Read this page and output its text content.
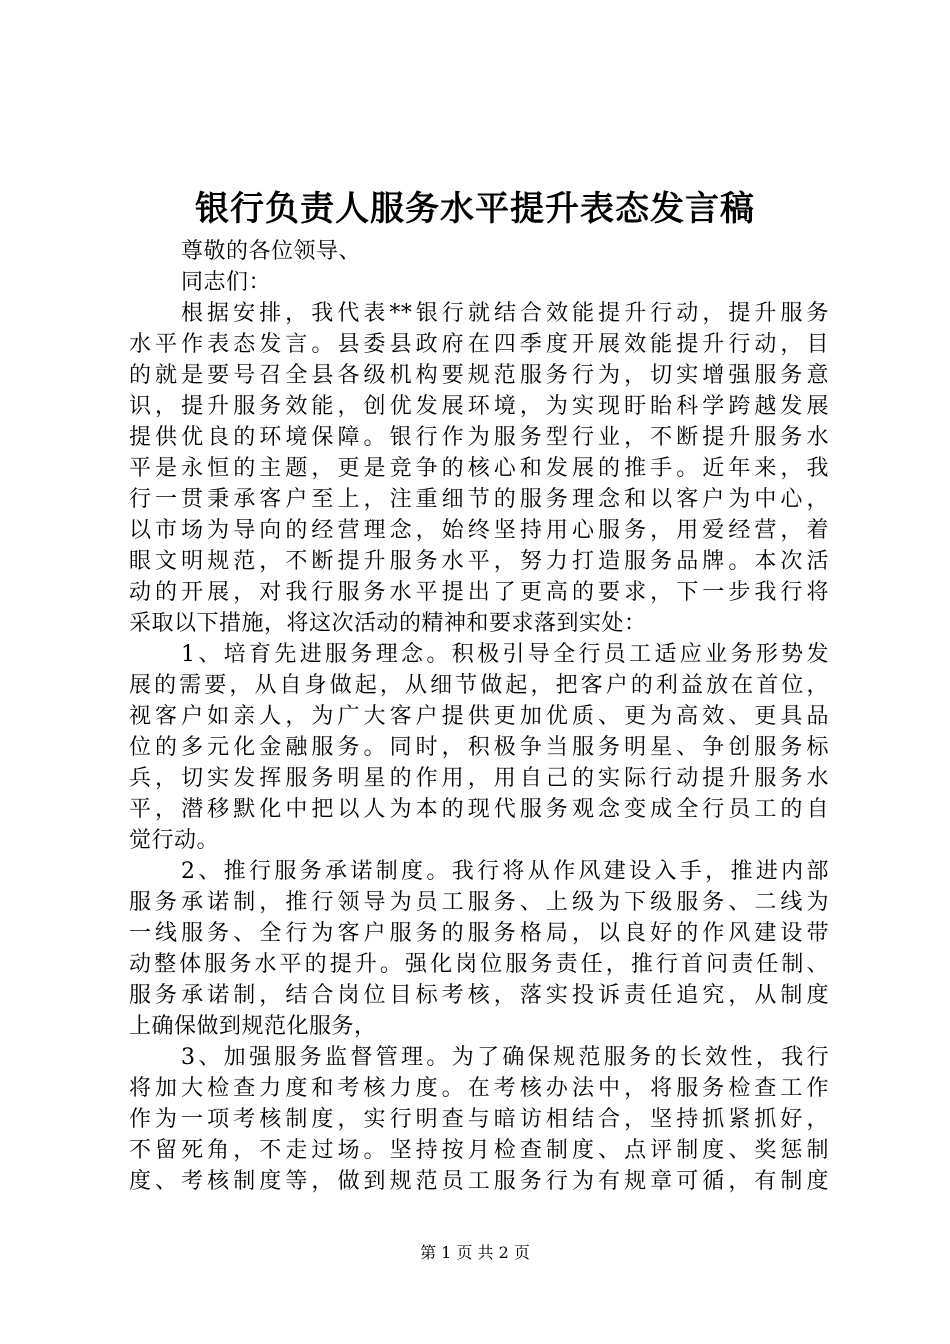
银行负责人服务水平提升表态发言稿
尊敬的各位领导、
同志们：
根据安排，我代表**银行就结合效能提升行动，提升服务
水平作表态发言。县委县政府在四季度开展效能提升行动，目
的就是要号召全县各级机构要规范服务行为，切实增强服务意
识，提升服务效能，创优发展环境，为实现盱眙科学跨越发展
提供优良的环境保障。银行作为服务型行业，不断提升服务水
平是永恒的主题，更是竞争的核心和发展的推手。近年来，我
行一贯秉承客户至上，注重细节的服务理念和以客户为中心，
以市场为导向的经营理念，始终坚持用心服务，用爱经营，着
眼文明规范，不断提升服务水平，努力打造服务品牌。本次活
动的开展，对我行服务水平提出了更高的要求，下一步我行将
采取以下措施，将这次活动的精神和要求落到实处：
1、培育先进服务理念。积极引导全行员工适应业务形势发
展的需要，从自身做起，从细节做起，把客户的利益放在首位，
视客户如亲人，为广大客户提供更加优质、更为高效、更具品
位的多元化金融服务。同时，积极争当服务明星、争创服务标
兵，切实发挥服务明星的作用，用自己的实际行动提升服务水
平，潜移默化中把以人为本的现代服务观念变成全行员工的自
觉行动。
2、推行服务承诺制度。我行将从作风建设入手，推进内部
服务承诺制，推行领导为员工服务、上级为下级服务、二线为
一线服务、全行为客户服务的服务格局，以良好的作风建设带
动整体服务水平的提升。强化岗位服务责任，推行首问责任制、
服务承诺制，结合岗位目标考核，落实投诉责任追究，从制度
上确保做到规范化服务，
3、加强服务监督管理。为了确保规范服务的长效性，我行
将加大检查力度和考核力度。在考核办法中，将服务检查工作
作为一项考核制度，实行明查与暗访相结合，坚持抓紧抓好，
不留死角，不走过场。坚持按月检查制度、点评制度、奖惩制
度、考核制度等，做到规范员工服务行为有规章可循，有制度
第 1 页 共 2 页
